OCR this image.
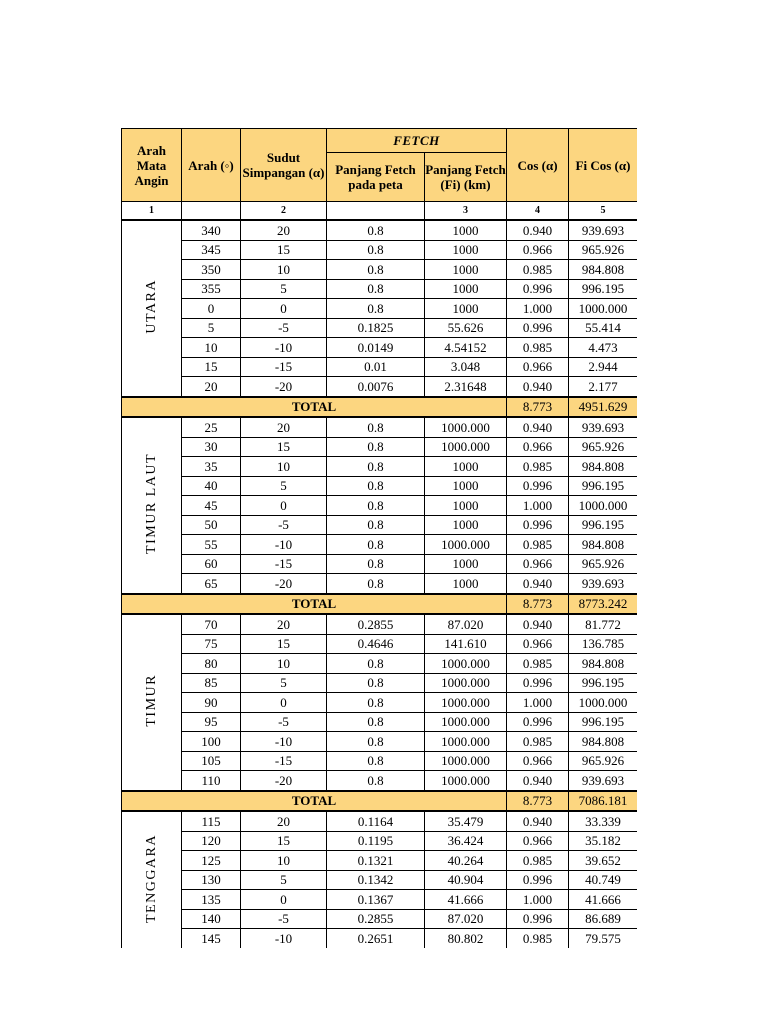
Arah Mata Angin	Arah (◦)	Sudut Simpangan (α)	FETCH		Cos (α)	Fi Cos (α)
			Panjang Fetch pada peta	Panjang Fetch (Fi) (km)		
1		2		3	4	5
UTARA	340	20	0.8	1000	0.940	939.693
	345	15	0.8	1000	0.966	965.926
	350	10	0.8	1000	0.985	984.808
	355	5	0.8	1000	0.996	996.195
	0	0	0.8	1000	1.000	1000.000
	5	-5	0.1825	55.626	0.996	55.414
	10	-10	0.0149	4.54152	0.985	4.473
	15	-15	0.01	3.048	0.966	2.944
	20	-20	0.0076	2.31648	0.940	2.177
TOTAL					8.773	4951.629
TIMUR LAUT	25	20	0.8	1000.000	0.940	939.693
	30	15	0.8	1000.000	0.966	965.926
	35	10	0.8	1000	0.985	984.808
	40	5	0.8	1000	0.996	996.195
	45	0	0.8	1000	1.000	1000.000
	50	-5	0.8	1000	0.996	996.195
	55	-10	0.8	1000.000	0.985	984.808
	60	-15	0.8	1000	0.966	965.926
	65	-20	0.8	1000	0.940	939.693
TOTAL					8.773	8773.242
TIMUR	70	20	0.2855	87.020	0.940	81.772
	75	15	0.4646	141.610	0.966	136.785
	80	10	0.8	1000.000	0.985	984.808
	85	5	0.8	1000.000	0.996	996.195
	90	0	0.8	1000.000	1.000	1000.000
	95	-5	0.8	1000.000	0.996	996.195
	100	-10	0.8	1000.000	0.985	984.808
	105	-15	0.8	1000.000	0.966	965.926
	110	-20	0.8	1000.000	0.940	939.693
TOTAL					8.773	7086.181
TENGGARA	115	20	0.1164	35.479	0.940	33.339
	120	15	0.1195	36.424	0.966	35.182
	125	10	0.1321	40.264	0.985	39.652
	130	5	0.1342	40.904	0.996	40.749
	135	0	0.1367	41.666	1.000	41.666
	140	-5	0.2855	87.020	0.996	86.689
	145	-10	0.2651	80.802	0.985	79.575
